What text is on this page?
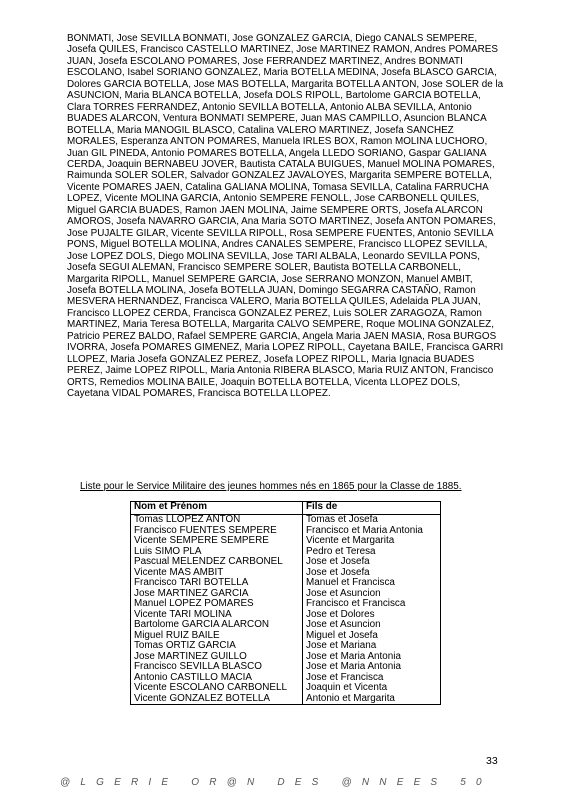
BONMATI, Jose SEVILLA BONMATI, Jose GONZALEZ GARCIA, Diego CANALS SEMPERE, Josefa QUILES, Francisco CASTELLO MARTINEZ, Jose MARTINEZ RAMON, Andres POMARES JUAN, Josefa ESCOLANO POMARES, Jose FERRANDEZ MARTINEZ, Andres BONMATI ESCOLANO, Isabel SORIANO GONZALEZ, Maria BOTELLA MEDINA, Josefa BLASCO GARCIA, Dolores GARCIA BOTELLA, Jose MAS BOTELLA, Margarita BOTELLA ANTON, Jose SOLER de la ASUNCION, Maria BLANCA BOTELLA, Josefa DOLS RIPOLL, Bartolome GARCIA BOTELLA, Clara TORRES FERRANDEZ, Antonio SEVILLA BOTELLA, Antonio ALBA SEVILLA, Antonio BUADES ALARCON, Ventura BONMATI SEMPERE, Juan MAS CAMPILLO, Asuncion BLANCA BOTELLA, Maria MANOGIL BLASCO, Catalina VALERO MARTINEZ, Josefa SANCHEZ MORALES, Esperanza ANTON POMARES, Manuela IRLES BOX, Ramon MOLINA LUCHORO, Juan GIL PINEDA, Antonio POMARES BOTELLA, Angela LLEDO SORIANO, Gaspar GALIANA CERDA, Joaquin BERNABEU JOVER, Bautista CATALA BUIGUES, Manuel MOLINA POMARES, Raimunda SOLER SOLER, Salvador GONZALEZ JAVALOYES, Margarita SEMPERE BOTELLA, Vicente POMARES JAEN, Catalina GALIANA MOLINA, Tomasa SEVILLA, Catalina FARRUCHA LOPEZ, Vicente MOLINA GARCIA, Antonio SEMPERE FENOLL, Jose CARBONELL QUILES, Miguel GARCIA BUADES, Ramon JAEN MOLINA, Jaime SEMPERE ORTS, Josefa ALARCON AMOROS, Josefa NAVARRO GARCIA, Ana Maria SOTO MARTINEZ, Josefa ANTON POMARES, Jose PUJALTE GILAR, Vicente SEVILLA RIPOLL, Rosa SEMPERE FUENTES, Antonio SEVILLA PONS, Miguel BOTELLA MOLINA, Andres CANALES SEMPERE, Francisco LLOPEZ SEVILLA, Jose LOPEZ DOLS, Diego MOLINA SEVILLA, Jose TARI ALBALA, Leonardo SEVILLA PONS, Josefa SEGUI ALEMAN, Francisco SEMPERE SOLER, Bautista BOTELLA CARBONELL, Margarita RIPOLL, Manuel SEMPERE GARCIA, Jose SERRANO MONZON, Manuel AMBIT, Josefa BOTELLA MOLINA, Josefa BOTELLA JUAN, Domingo SEGARRA CASTAÑO, Ramon MESVERA HERNANDEZ, Francisca VALERO, Maria BOTELLA QUILES, Adelaida PLA JUAN, Francisco LLOPEZ CERDA, Francisca GONZALEZ PEREZ, Luis SOLER ZARAGOZA, Ramon MARTINEZ, Maria Teresa BOTELLA, Margarita CALVO SEMPERE, Roque MOLINA GONZALEZ, Patricio PEREZ BALDO, Rafael SEMPERE GARCIA, Angela Maria JAEN MASIA, Rosa BURGOS IVORRA, Josefa POMARES GIMENEZ, Maria LOPEZ RIPOLL, Cayetana BAILE, Francisca GARRI LLOPEZ, Maria Josefa GONZALEZ PEREZ, Josefa LOPEZ RIPOLL, Maria Ignacia BUADES PEREZ, Jaime LOPEZ RIPOLL, Maria Antonia RIBERA BLASCO, Maria RUIZ ANTON, Francisco ORTS, Remedios MOLINA BAILE, Joaquin BOTELLA BOTELLA, Vicenta LLOPEZ DOLS, Cayetana VIDAL POMARES, Francisca BOTELLA LLOPEZ.
Liste pour le Service Militaire des jeunes hommes nés en 1865 pour la Classe de 1885.
Nom et Prénom	Fils de
Tomas LLOPEZ ANTON	Tomas et Josefa
Francisco FUENTES SEMPERE	Francisco et Maria Antonia
Vicente SEMPERE SEMPERE	Vicente et Margarita
Luis SIMO PLA	Pedro et Teresa
Pascual MELENDEZ CARBONEL	Jose et Josefa
Vicente MAS AMBIT	Jose et Josefa
Francisco TARI BOTELLA	Manuel et Francisca
Jose MARTINEZ GARCIA	Jose et Asuncion
Manuel LOPEZ POMARES	Francisco et Francisca
Vicente TARI MOLINA	Jose et Dolores
Bartolome GARCIA ALARCON	Jose et Asuncion
Miguel RUIZ BAILE	Miguel et Josefa
Tomas ORTIZ GARCIA	Jose et Mariana
Jose MARTINEZ GUILLO	Jose et Maria Antonia
Francisco SEVILLA BLASCO	Jose et Maria Antonia
Antonio CASTILLO MACIA	Jose et Francisca
Vicente ESCOLANO CARBONELL	Joaquin et Vicenta
Vicente GONZALEZ BOTELLA	Antonio et Margarita
33
@LGERIE OR@N DES @NNEES 50
